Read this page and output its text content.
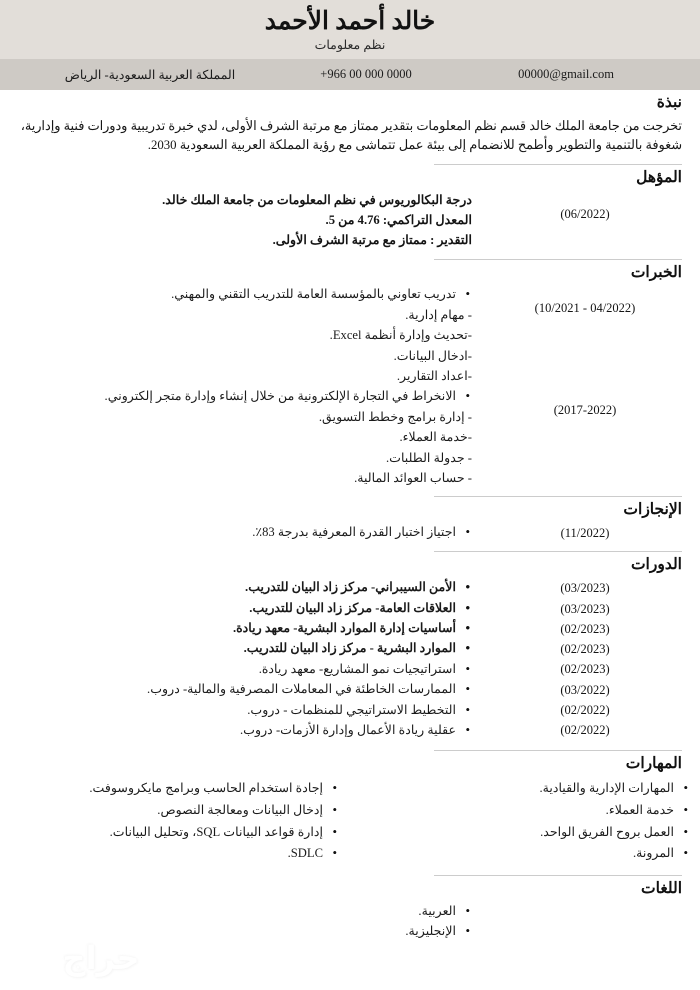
خالد أحمد الأحمد
نظم معلومات
00000@gmail.com
+966 00 000 0000
المملكة العربية السعودية- الرياض
نبذة
تخرجت من جامعة الملك خالد قسم نظم المعلومات بتقدير ممتاز مع مرتبة الشرف الأولى، لدي خبرة تدريبية ودورات فنية وإدارية، شغوفة بالتنمية والتطوير وأطمح للانضمام إلى بيئة عمل تتماشى مع رؤية المملكة العربية السعودية 2030.
المؤهل
درجة البكالوريوس في نظم المعلومات من جامعة الملك خالد.
المعدل التراكمي: 4.76 من 5.
التقدير : ممتاز مع مرتبة الشرف الأولى.
(06/2022)
الخبرات
• تدريب تعاوني بالمؤسسة العامة للتدريب التقني والمهني.
- مهام إدارية.
-تحديث وإدارة أنظمة Excel.
-ادخال البيانات.
-اعداد التقارير.
(10/2021 - 04/2022)
• الانخراط في التجارة الإلكترونية من خلال إنشاء وإدارة متجر إلكتروني.
- إدارة برامج وخطط التسويق.
-خدمة العملاء.
- جدولة الطلبات.
- حساب العوائد المالية.
(2017-2022)
الإنجازات
• اجتياز اختبار القدرة المعرفية بدرجة 83٪.	(11/2022)
الدورات
• الأمن السيبراني- مركز زاد البيان للتدريب.
• العلاقات العامة- مركز زاد البيان للتدريب.
• أساسيات إدارة الموارد البشرية- معهد ريادة.
• الموارد البشرية - مركز زاد البيان للتدريب.
• استراتيجيات نمو المشاريع- معهد ريادة.
• الممارسات الخاطئة في المعاملات المصرفية والمالية- دروب.
• التخطيط الاستراتيجي للمنظمات - دروب.
• عقلية ريادة الأعمال وإدارة الأزمات- دروب.
(03/2023)
(03/2023)
(02/2023)
(02/2023)
(02/2023)
(03/2022)
(02/2022)
(02/2022)
المهارات
• المهارات الإدارية والقيادية.
• خدمة العملاء.
• العمل بروح الفريق الواحد.
• المرونة.
• إجادة استخدام الحاسب وبرامج مايكروسوفت.
• إدخال البيانات ومعالجة النصوص.
• إدارة قواعد البيانات SQL، وتحليل البيانات.
• SDLC.
اللغات
• العربية.
• الإنجليزية.
حراج
